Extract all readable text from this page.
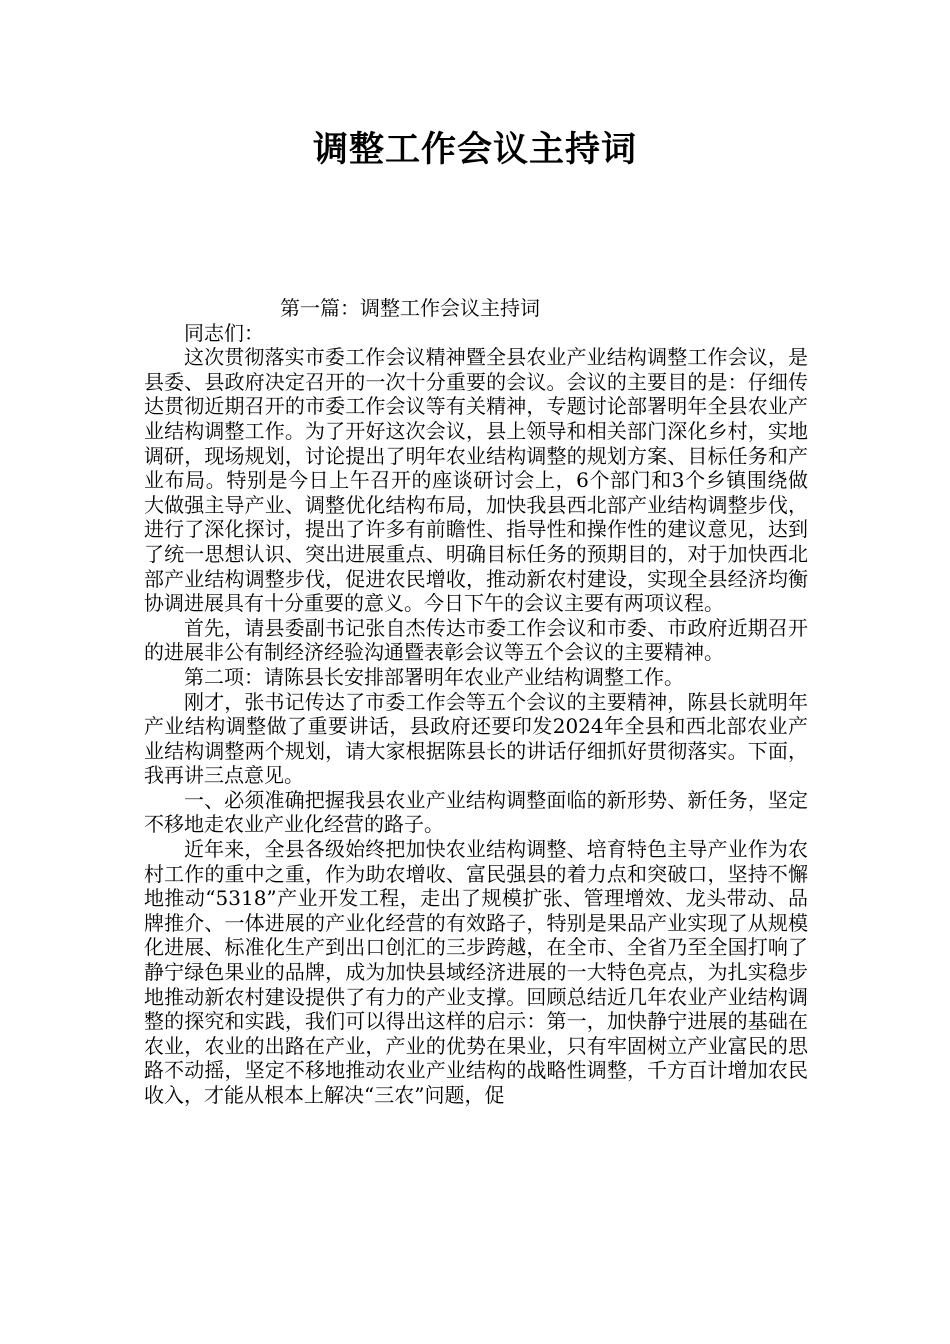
调整工作会议主持词

第一篇：调整工作会议主持词

同志们：

这次贯彻落实市委工作会议精神暨全县农业产业结构调整工作会议，是县委、县政府决定召开的一次十分重要的会议。会议的主要目的是：仔细传达贯彻近期召开的市委工作会议等有关精神，专题讨论部署明年全县农业产业结构调整工作。为了开好这次会议，县上领导和相关部门深化乡村，实地调研，现场规划，讨论提出了明年农业结构调整的规划方案、目标任务和产业布局。特别是今日上午召开的座谈研讨会上，6个部门和3个乡镇围绕做大做强主导产业、调整优化结构布局，加快我县西北部产业结构调整步伐，进行了深化探讨，提出了许多有前瞻性、指导性和操作性的建议意见，达到了统一思想认识、突出进展重点、明确目标任务的预期目的，对于加快西北部产业结构调整步伐，促进农民增收，推动新农村建设，实现全县经济均衡协调进展具有十分重要的意义。今日下午的会议主要有两项议程。

首先，请县委副书记张自杰传达市委工作会议和市委、市政府近期召开的进展非公有制经济经验沟通暨表彰会议等五个会议的主要精神。

第二项：请陈县长安排部署明年农业产业结构调整工作。

刚才，张书记传达了市委工作会等五个会议的主要精神，陈县长就明年产业结构调整做了重要讲话，县政府还要印发2024年全县和西北部农业产业结构调整两个规划，请大家根据陈县长的讲话仔细抓好贯彻落实。下面，我再讲三点意见。

一、必须准确把握我县农业产业结构调整面临的新形势、新任务，坚定不移地走农业产业化经营的路子。

近年来，全县各级始终把加快农业结构调整、培育特色主导产业作为农村工作的重中之重，作为助农增收、富民强县的着力点和突破口，坚持不懈地推动“5318”产业开发工程，走出了规模扩张、管理增效、龙头带动、品牌推介、一体进展的产业化经营的有效路子，特别是果品产业实现了从规模化进展、标准化生产到出口创汇的三步跨越，在全市、全省乃至全国打响了静宁绿色果业的品牌，成为加快县域经济进展的一大特色亮点，为扎实稳步地推动新农村建设提供了有力的产业支撑。回顾总结近几年农业产业结构调整的探究和实践，我们可以得出这样的启示：第一，加快静宁进展的基础在农业，农业的出路在产业，产业的优势在果业，只有牢固树立产业富民的思路不动摇，坚定不移地推动农业产业结构的战略性调整，千方百计增加农民收入，才能从根本上解决“三农”问题，促
